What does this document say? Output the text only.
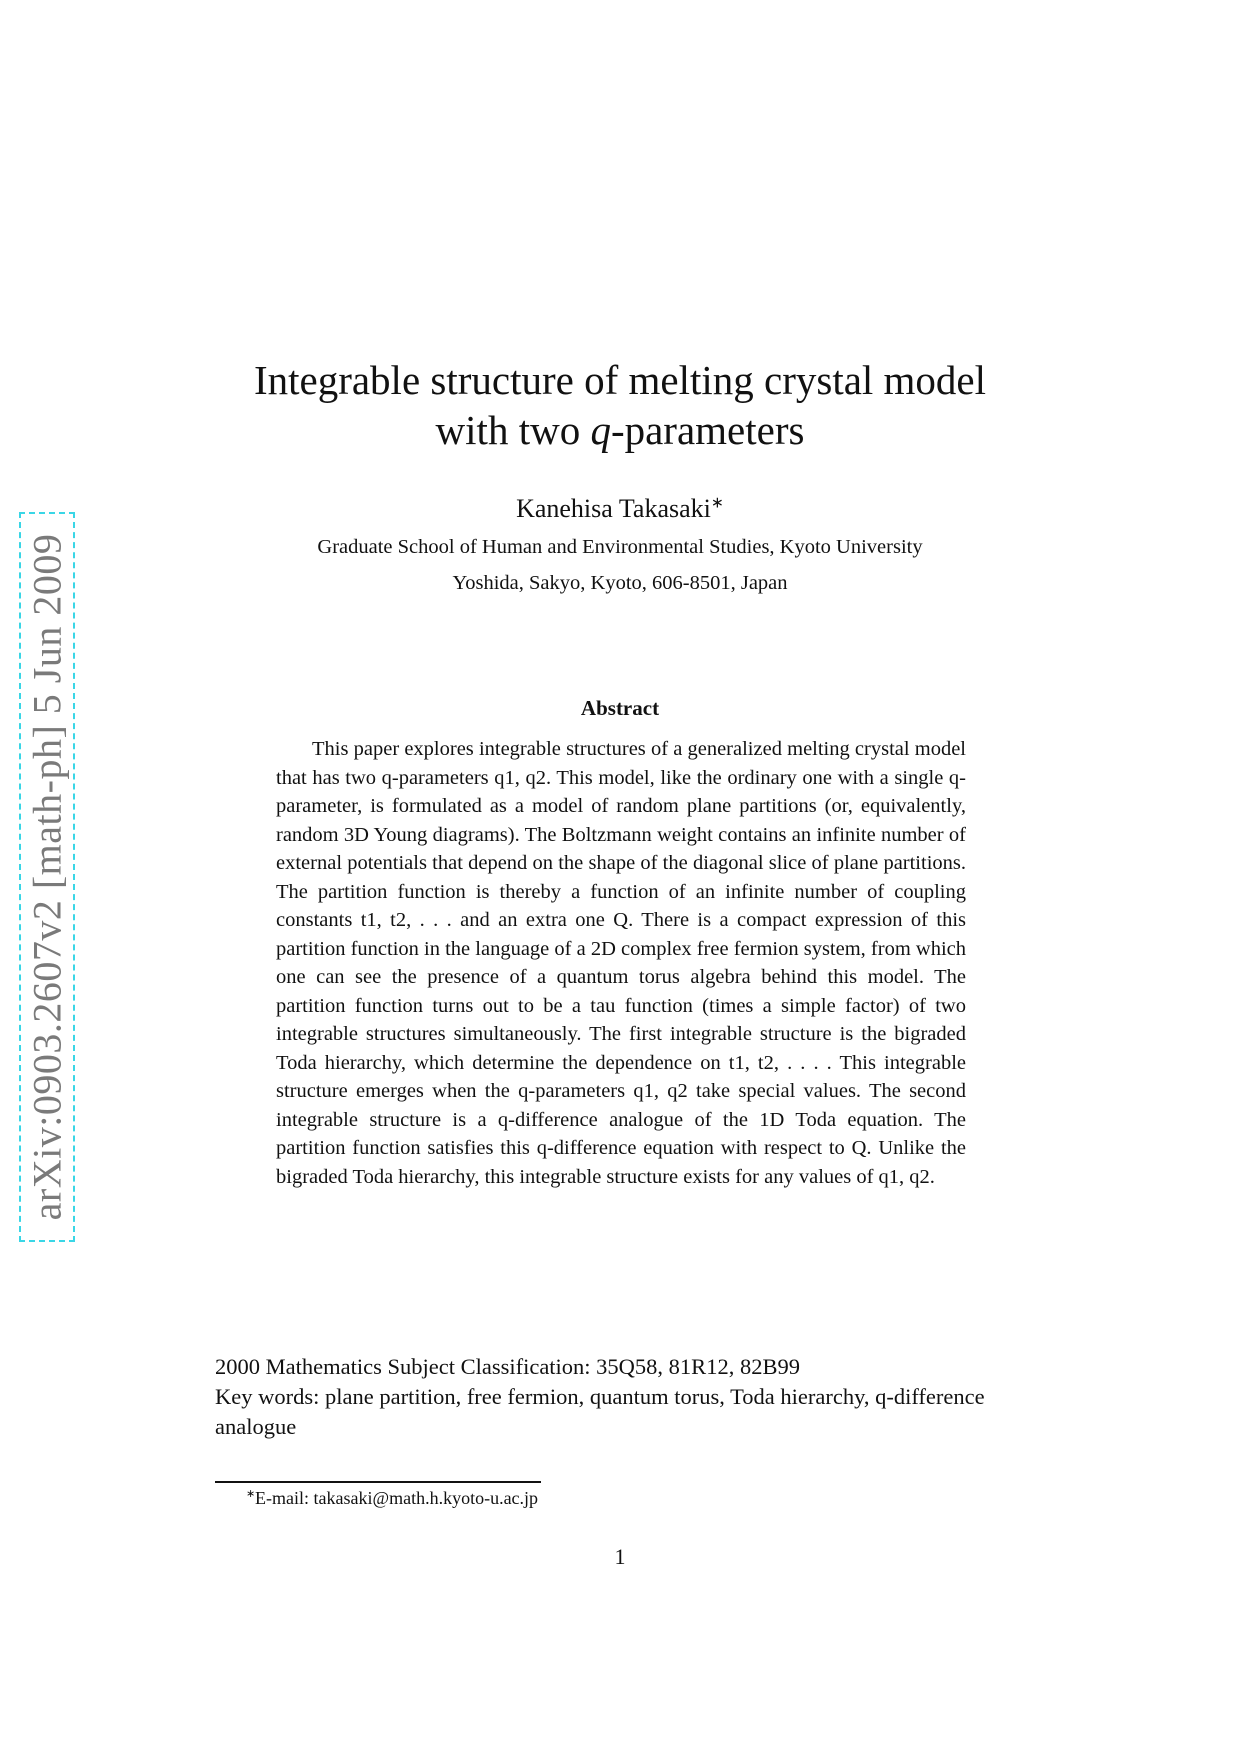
arXiv:0903.2607v2 [math-ph] 5 Jun 2009
Integrable structure of melting crystal model
with two q-parameters
Kanehisa Takasaki∗
Graduate School of Human and Environmental Studies, Kyoto University
Yoshida, Sakyo, Kyoto, 606-8501, Japan
Abstract

This paper explores integrable structures of a generalized melting crystal model that has two q-parameters q1, q2. This model, like the ordinary one with a single q-parameter, is formulated as a model of random plane partitions (or, equivalently, random 3D Young diagrams). The Boltzmann weight contains an infinite number of external potentials that depend on the shape of the diagonal slice of plane partitions. The partition function is thereby a function of an infinite number of coupling constants t1, t2, . . . and an extra one Q. There is a compact expression of this partition function in the language of a 2D complex free fermion system, from which one can see the presence of a quantum torus algebra behind this model. The partition function turns out to be a tau function (times a simple factor) of two integrable structures simultaneously. The first integrable structure is the bigraded Toda hierarchy, which determine the dependence on t1, t2, . . . . This integrable structure emerges when the q-parameters q1, q2 take special values. The second integrable structure is a q-difference analogue of the 1D Toda equation. The partition function satisfies this q-difference equation with respect to Q. Unlike the bigraded Toda hierarchy, this integrable structure exists for any values of q1, q2.

2000 Mathematics Subject Classification: 35Q58, 81R12, 82B99
Key words: plane partition, free fermion, quantum torus, Toda hierarchy, q-difference analogue
∗E-mail: takasaki@math.h.kyoto-u.ac.jp
1
